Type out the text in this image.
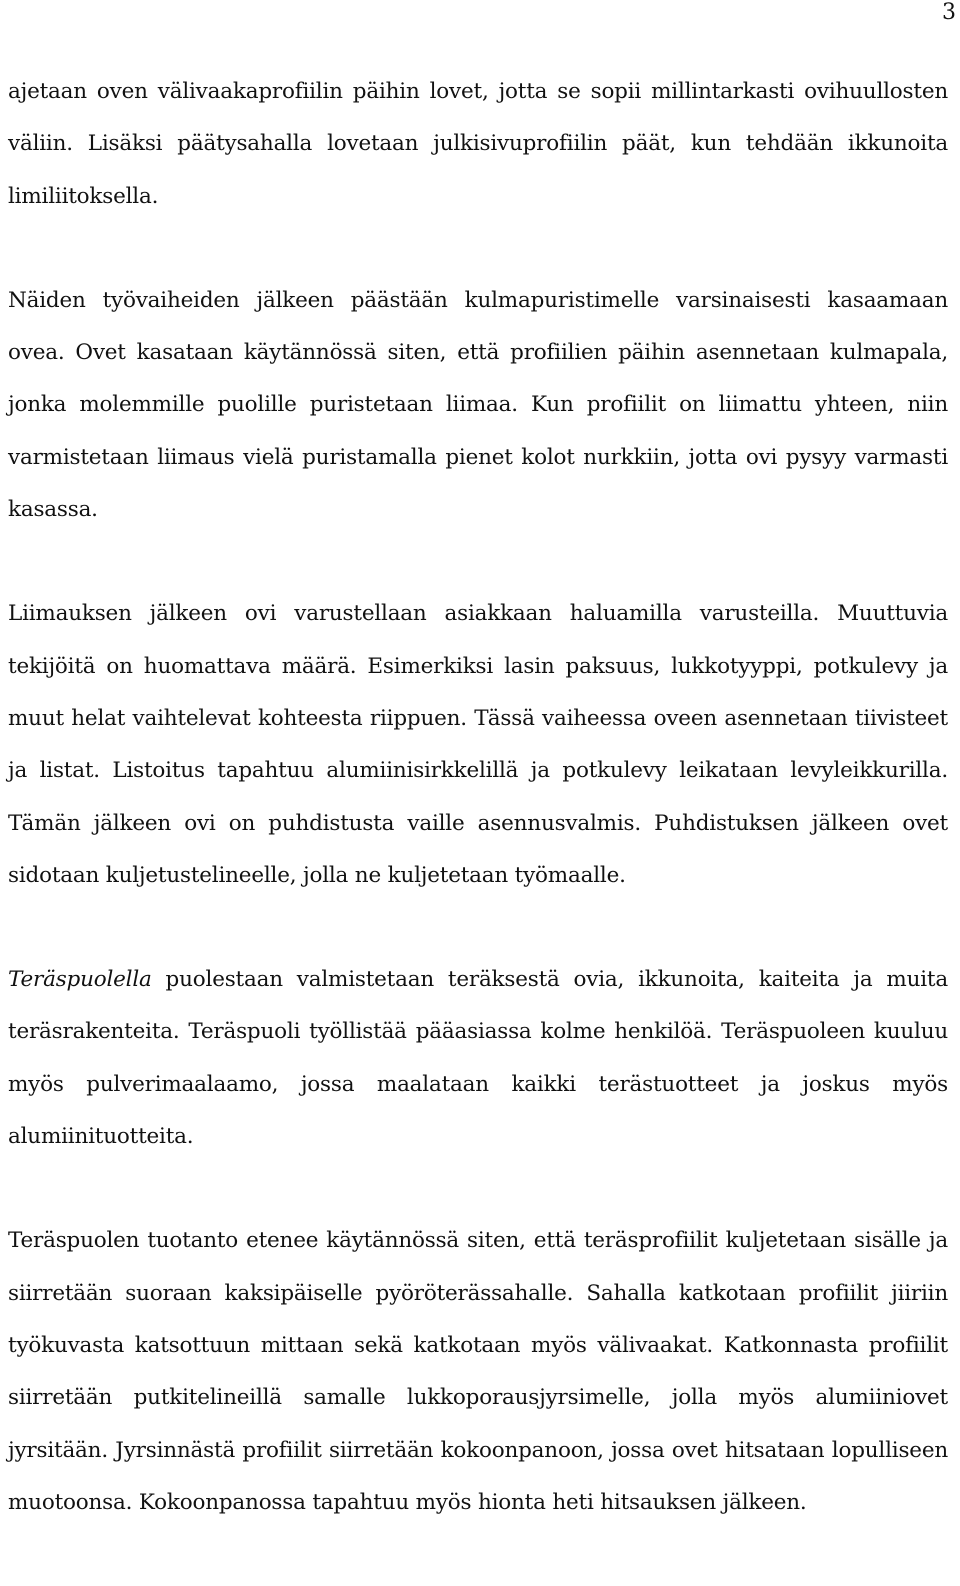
3

ajetaan oven välivaakaprofiilin päihin lovet, jotta se sopii millintarkasti ovihuullosten väliin. Lisäksi päätysahalla lovetaan julkisivuprofiilin päät, kun tehdään ikkunoita limiliitoksella.

Näiden työvaiheiden jälkeen päästään kulmapuristimelle varsinaisesti kasaamaan ovea. Ovet kasataan käytännössä siten, että profiilien päihin asennetaan kulmapala, jonka molemmille puolille puristetaan liimaa. Kun profiilit on liimattu yhteen, niin varmistetaan liimaus vielä puristamalla pienet kolot nurkkiin, jotta ovi pysyy varmasti kasassa.

Liimauksen jälkeen ovi varustellaan asiakkaan haluamilla varusteilla. Muuttuvia tekijöitä on huomattava määrä. Esimerkiksi lasin paksuus, lukkotyyppi, potkulevy ja muut helat vaihtelevat kohteesta riippuen. Tässä vaiheessa oveen asennetaan tiivisteet ja listat. Listoitus tapahtuu alumiinisirkkelillä ja potkulevy leikataan levyleikkurilla. Tämän jälkeen ovi on puhdistusta vaille asennusvalmis. Puhdistuksen jälkeen ovet sidotaan kuljetustelineelle, jolla ne kuljetetaan työmaalle.

Teräspuolella puolestaan valmistetaan teräksestä ovia, ikkunoita, kaiteita ja muita teräsrakenteita. Teräspuoli työllistää pääasiassa kolme henkilöä. Teräspuoleen kuuluu myös pulverimaalaamo, jossa maalataan kaikki terästuotteet ja joskus myös alumiinituotteita.

Teräspuolen tuotanto etenee käytännössä siten, että teräsprofiilit kuljetetaan sisälle ja siirretään suoraan kaksipäiselle pyöröterässahalle. Sahalla katkotaan profiilit jiiriin työkuvasta katsottuun mittaan sekä katkotaan myös välivaakat. Katkonnasta profiilit siirretään putkitelineillä samalle lukkoporausjyrsimelle, jolla myös alumiiniovet jyrsitään. Jyrsinnästä profiilit siirretään kokoonpanoon, jossa ovet hitsataan lopulliseen muotoonsa. Kokoonpanossa tapahtuu myös hionta heti hitsauksen jälkeen.
